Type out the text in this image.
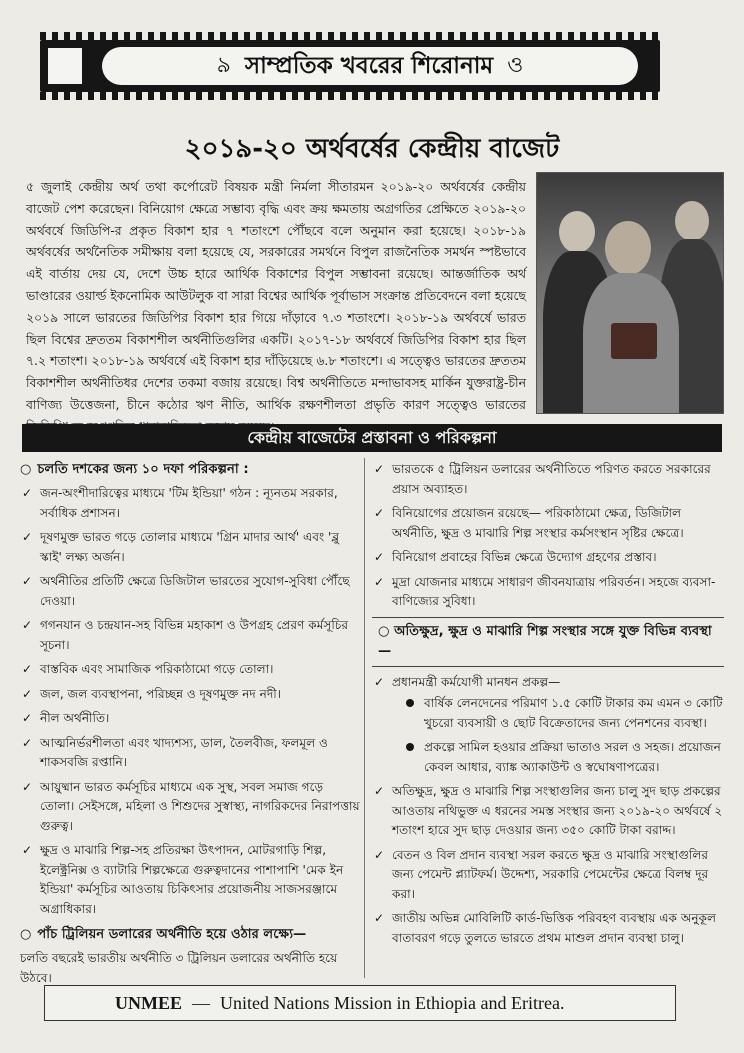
৯ সাম্প্রতিক খবরের শিরোনাম ও
২০১৯-২০ অর্থবর্ষের কেন্দ্রীয় বাজেট
৫ জুলাই কেন্দ্রীয় অর্থ তথা কর্পোরেট বিষয়ক মন্ত্রী নির্মলা সীতারমন ২০১৯-২০ অর্থবর্ষের কেন্দ্রীয় বাজেট পেশ করেছেন। বিনিয়োগ ক্ষেত্রে সম্ভাব্য বৃদ্ধি এবং ক্রয় ক্ষমতায় অগ্রগতির প্রেক্ষিতে ২০১৯-২০ অর্থবর্ষে জিডিপি-র প্রকৃত বিকাশ হার ৭ শতাংশে পৌঁছবে বলে অনুমান করা হয়েছে। ২০১৮-১৯ অর্থবর্ষের অর্থনৈতিক সমীক্ষায় বলা হয়েছে যে, সরকারের সমর্থনে বিপুল রাজনৈতিক সমর্থন স্পষ্টভাবে এই বার্তায় দেয় যে, দেশে উচ্চ হারে আর্থিক বিকাশের বিপুল সম্ভাবনা রয়েছে। আন্তর্জাতিক অর্থ ভাণ্ডারের ওয়ার্ল্ড ইকনোমিক আউটলুক বা সারা বিশ্বের আর্থিক পূর্বাভাস সংক্রান্ত প্রতিবেদনে বলা হয়েছে ২০১৯ সালে ভারতের জিডিপির বিকাশ হার গিয়ে দাঁড়াবে ৭.৩ শতাংশে। ২০১৮-১৯ অর্থবর্ষে ভারত ছিল বিশ্বের দ্রুততম বিকাশশীল অর্থনীতিগুলির একটি। ২০১৭-১৮ অর্থবর্ষে জিডিপির বিকাশ হার ছিল ৭.২ শতাংশ। ২০১৮-১৯ অর্থবর্ষে এই বিকাশ হার দাঁড়িয়েছে ৬.৮ শতাংশে। এ সত্ত্বেও ভারতের দ্রুততম বিকাশশীল অর্থনীতিধর দেশের তকমা বজায় রয়েছে। বিশ্ব অর্থনীতিতে মন্দাভাবসহ মার্কিন যুক্তরাষ্ট্র-চীন বাণিজ্য উত্তেজনা, চীনে কঠোর ঋণ নীতি, আর্থিক রক্ষণশীলতা প্রভৃতি কারণ সত্ত্বেও ভারতের
কেন্দ্রীয় বাজেটের প্রস্তাবনা ও পরিকল্পনা
○ চলতি দশকের জন্য ১০ দফা পরিকল্পনা :
✓ জন-অংশীদারিত্বের মাধ্যমে 'টিম ইন্ডিয়া' গঠন : ন্যূনতম সরকার, সর্বাধিক প্রশাসন।
✓ দূষণমুক্ত ভারত গড়ে তোলার মাধ্যমে 'গ্রিন মাদার আর্থ' এবং 'ব্লু স্কাই' লক্ষ্য অর্জন।
✓ অর্থনীতির প্রতিটি ক্ষেত্রে ডিজিটাল ভারতের সুযোগ-সুবিধা পৌঁছে দেওয়া।
✓ গগনযান ও চন্দ্রযান-সহ বিভিন্ন মহাকাশ ও উপগ্রহ প্রেরণ কর্মসূচির সূচনা।
✓ বাস্তবিক এবং সামাজিক পরিকাঠামো গড়ে তোলা।
✓ জল, জল ব্যবস্থাপনা, পরিচ্ছন্ন ও দূষণমুক্ত নদ নদী।
✓ নীল অর্থনীতি।
✓ আত্মনির্ভরশীলতা এবং খাদ্যশস্য, ডাল, তৈলবীজ, ফলমূল ও শাকসবজি রপ্তানি।
✓ আয়ুষ্মান ভারত কর্মসূচির মাধ্যমে এক সুস্থ, সবল সমাজ গড়ে তোলা। সেইসঙ্গে, মহিলা ও শিশুদের সুস্বাস্থ্য, নাগরিকদের নিরাপত্তায় গুরুত্ব।
✓ ক্ষুদ্র ও মাঝারি শিল্প-সহ প্রতিরক্ষা উৎপাদন, মোটরগাড়ি শিল্প, ইলেক্ট্রনিক্স ও ব্যাটারি শিল্পক্ষেত্রে গুরুত্বদানের পাশাপাশি 'মেক ইন ইন্ডিয়া' কর্মসূচির আওতায় চিকিৎসার প্রয়োজনীয় সাজসরঞ্জামে অগ্রাধিকার।
○ পাঁচ ট্রিলিয়ন ডলারের অর্থনীতি হয়ে ওঠার লক্ষ্যে—
চলতি বছরেই ভারতীয় অর্থনীতি ৩ ট্রিলিয়ন ডলারের অর্থনীতি হয়ে উঠবে।
✓ ভারতকে ৫ ট্রিলিয়ন ডলারের অর্থনীতিতে পরিণত করতে সরকারের প্রয়াস অব্যাহত।
✓ বিনিয়োগের প্রয়োজন রয়েছে— পরিকাঠামো ক্ষেত্র, ডিজিটাল অর্থনীতি, ক্ষুদ্র ও মাঝারি শিল্প সংস্থার কর্মসংস্থান সৃষ্টির ক্ষেত্রে।
✓ বিনিয়োগ প্রবাহের বিভিন্ন ক্ষেত্রে উদ্যোগ গ্রহণের প্রস্তাব।
✓ মুদ্রা যোজনার মাধ্যমে সাধারণ জীবনযাত্রায় পরিবর্তন। সহজে ব্যবসা-বাণিজ্যের সুবিধা।
○ অতিক্ষুদ্র, ক্ষুদ্র ও মাঝারি শিল্প সংস্থার সঙ্গে যুক্ত বিভিন্ন ব্যবস্থা—
✓ প্রধানমন্ত্রী কর্মযোগী মানধন প্রকল্প—
বার্ষিক লেনদেনের পরিমাণ ১.৫ কোটি টাকার কম এমন ৩ কোটি খুচরো ব্যবসায়ী ও ছোট বিক্রেতাদের জন্য পেনশনের ব্যবস্থা।
প্রকল্পে সামিল হওয়ার প্রক্রিয়া ভাতাও সরল ও সহজ। প্রয়োজন কেবল আধার, ব্যাঙ্ক অ্যাকাউন্ট ও স্বঘোষণাপত্রের।
✓ অতিক্ষুদ্র, ক্ষুদ্র ও মাঝারি শিল্প সংস্থাগুলির জন্য চালু সুদ ছাড় প্রকল্পের আওতায় নথিভুক্ত এ ধরনের সমস্ত সংস্থার জন্য ২০১৯-২০ অর্থবর্ষে ২ শতাংশ হারে সুদ ছাড় দেওয়ার জন্য ৩৫০ কোটি টাকা বরাদ্দ।
✓ বেতন ও বিল প্রদান ব্যবস্থা সরল করতে ক্ষুদ্র ও মাঝারি সংস্থাগুলির জন্য পেমেন্ট প্ল্যাটফর্ম। উদ্দেশ্য, সরকারি পেমেন্টের ক্ষেত্রে বিলম্ব দূর করা।
✓ জাতীয় অভিন্ন মোবিলিটি কার্ড-ভিত্তিক পরিবহণ ব্যবস্থায় এক অনুকূল বাতাবরণ গড়ে তুলতে ভারতে প্রথম মাশুল প্রদান ব্যবস্থা চালু।
UNMEE — United Nations Mission in Ethiopia and Eritrea.
